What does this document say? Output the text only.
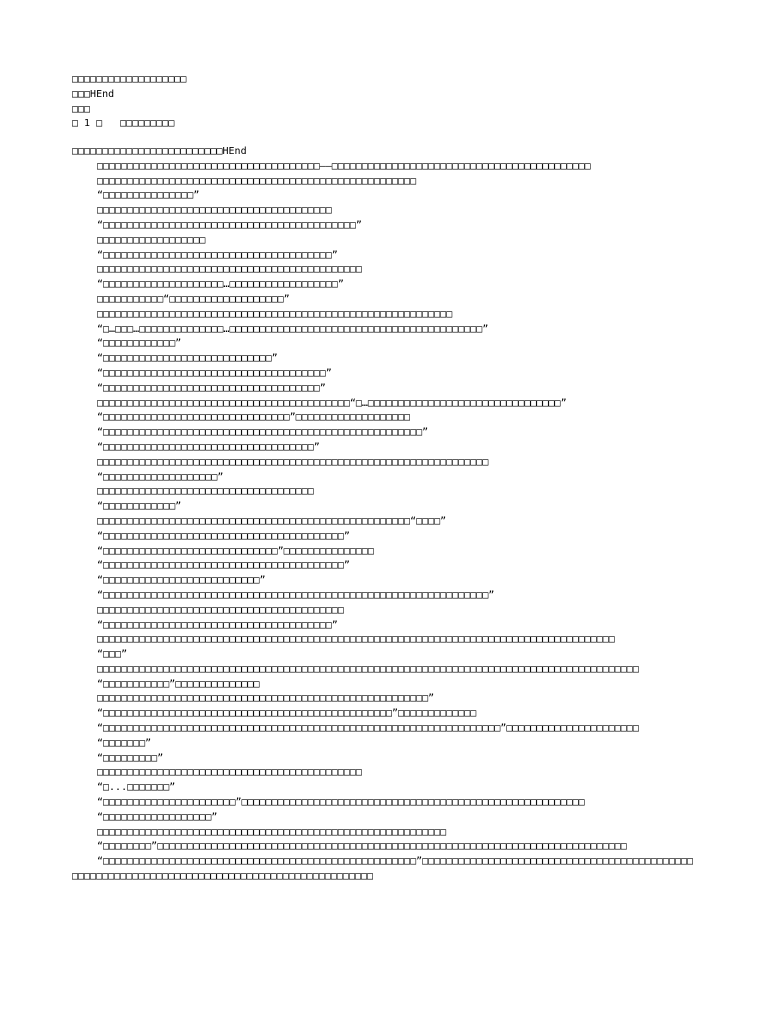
□□□□□□□□□□□□□□□□□□□

□□□HEnd

□□□

□ 1 □   □□□□□□□□□

□□□□□□□□□□□□□□□□□□□□□□□□□HEnd

□□□□□□□□□□□□□□□□□□□□□□□□□□□□□□□□□□□□□——□□□□□□□□□□□□□□□□□□□□□□□□□□□□□□□□□□□□□□□□□□□

□□□□□□□□□□□□□□□□□□□□□□□□□□□□□□□□□□□□□□□□□□□□□□□□□□□□□

“□□□□□□□□□□□□□□□”

□□□□□□□□□□□□□□□□□□□□□□□□□□□□□□□□□□□□□□□

“□□□□□□□□□□□□□□□□□□□□□□□□□□□□□□□□□□□□□□□□□□”

□□□□□□□□□□□□□□□□□□

“□□□□□□□□□□□□□□□□□□□□□□□□□□□□□□□□□□□□□□”

□□□□□□□□□□□□□□□□□□□□□□□□□□□□□□□□□□□□□□□□□□□□

“□□□□□□□□□□□□□□□□□□□□…□□□□□□□□□□□□□□□□□□”

□□□□□□□□□□□“□□□□□□□□□□□□□□□□□□□”

□□□□□□□□□□□□□□□□□□□□□□□□□□□□□□□□□□□□□□□□□□□□□□□□□□□□□□□□□□□

“□…□□□…□□□□□□□□□□□□□□…□□□□□□□□□□□□□□□□□□□□□□□□□□□□□□□□□□□□□□□□□□”

“□□□□□□□□□□□□”

“□□□□□□□□□□□□□□□□□□□□□□□□□□□□”

“□□□□□□□□□□□□□□□□□□□□□□□□□□□□□□□□□□□□□”

“□□□□□□□□□□□□□□□□□□□□□□□□□□□□□□□□□□□□”

□□□□□□□□□□□□□□□□□□□□□□□□□□□□□□□□□□□□□□□□□□“□…□□□□□□□□□□□□□□□□□□□□□□□□□□□□□□□□”

“□□□□□□□□□□□□□□□□□□□□□□□□□□□□□□□”□□□□□□□□□□□□□□□□□□□

“□□□□□□□□□□□□□□□□□□□□□□□□□□□□□□□□□□□□□□□□□□□□□□□□□□□□□”

“□□□□□□□□□□□□□□□□□□□□□□□□□□□□□□□□□□□”

□□□□□□□□□□□□□□□□□□□□□□□□□□□□□□□□□□□□□□□□□□□□□□□□□□□□□□□□□□□□□□□□□

“□□□□□□□□□□□□□□□□□□□”

□□□□□□□□□□□□□□□□□□□□□□□□□□□□□□□□□□□□

“□□□□□□□□□□□□”

□□□□□□□□□□□□□□□□□□□□□□□□□□□□□□□□□□□□□□□□□□□□□□□□□□□□“□□□□”

“□□□□□□□□□□□□□□□□□□□□□□□□□□□□□□□□□□□□□□□□”

“□□□□□□□□□□□□□□□□□□□□□□□□□□□□□”□□□□□□□□□□□□□□□

“□□□□□□□□□□□□□□□□□□□□□□□□□□□□□□□□□□□□□□□□”

“□□□□□□□□□□□□□□□□□□□□□□□□□□”

“□□□□□□□□□□□□□□□□□□□□□□□□□□□□□□□□□□□□□□□□□□□□□□□□□□□□□□□□□□□□□□□□”

□□□□□□□□□□□□□□□□□□□□□□□□□□□□□□□□□□□□□□□□□

“□□□□□□□□□□□□□□□□□□□□□□□□□□□□□□□□□□□□□□”

□□□□□□□□□□□□□□□□□□□□□□□□□□□□□□□□□□□□□□□□□□□□□□□□□□□□□□□□□□□□□□□□□□□□□□□□□□□□□□□□□□□□□□

“□□□”

□□□□□□□□□□□□□□□□□□□□□□□□□□□□□□□□□□□□□□□□□□□□□□□□□□□□□□□□□□□□□□□□□□□□□□□□□□□□□□□□□□□□□□□□□□

“□□□□□□□□□□□”□□□□□□□□□□□□□□

□□□□□□□□□□□□□□□□□□□□□□□□□□□□□□□□□□□□□□□□□□□□□□□□□□□□□□□”

“□□□□□□□□□□□□□□□□□□□□□□□□□□□□□□□□□□□□□□□□□□□□□□□□”□□□□□□□□□□□□□

“□□□□□□□□□□□□□□□□□□□□□□□□□□□□□□□□□□□□□□□□□□□□□□□□□□□□□□□□□□□□□□□□□□”□□□□□□□□□□□□□□□□□□□□□□

“□□□□□□□”

“□□□□□□□□□”

□□□□□□□□□□□□□□□□□□□□□□□□□□□□□□□□□□□□□□□□□□□□

“□...□□□□□□□”

“□□□□□□□□□□□□□□□□□□□□□□”□□□□□□□□□□□□□□□□□□□□□□□□□□□□□□□□□□□□□□□□□□□□□□□□□□□□□□□□□

“□□□□□□□□□□□□□□□□□□”

□□□□□□□□□□□□□□□□□□□□□□□□□□□□□□□□□□□□□□□□□□□□□□□□□□□□□□□□□□

“□□□□□□□□”□□□□□□□□□□□□□□□□□□□□□□□□□□□□□□□□□□□□□□□□□□□□□□□□□□□□□□□□□□□□□□□□□□□□□□□□□□□□□□

“□□□□□□□□□□□□□□□□□□□□□□□□□□□□□□□□□□□□□□□□□□□□□□□□□□□□”□□□□□□□□□□□□□□□□□□□□□□□□□□□□□□□□□□□□□□□□□□□□□□□□□□□□□□□□□□□□□□□□□□□□□□□□□□□□□□□□□□□□□□□□□□□□□□□
